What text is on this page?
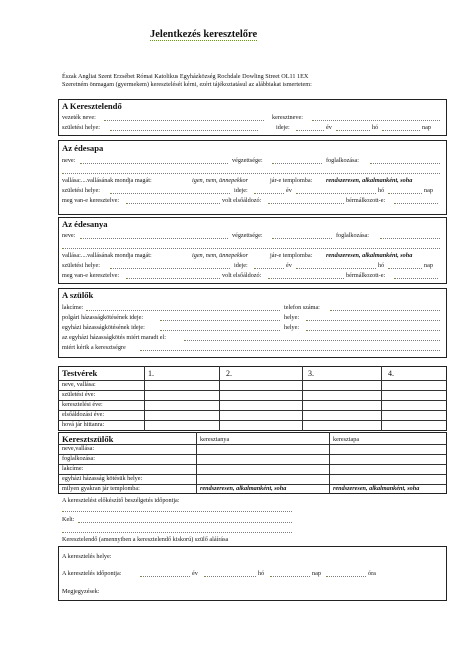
Jelentkezés keresztelőre
Észak Angliai Szent Erzsébet Római Katolikus Egyházközség Rochdale Dowling Street OL11 1EX
Szeretném önmagam (gyermekem) keresztelését kérni, ezért tájékoztatásul az alábbiakat ismertetem:
A Keresztelendő
vezeték neve:	keresztneve:
születési helye:	ideje:	év	hó	nap
Az édesapa
neve:	végzettsége:	foglalkozása:
vallása:....vallásának mondja magát:	igen, nem, ünnepekkor	jár-e templomba: rendszeresen, alkalmanként, soha
születési helye:	ideje:	év	hó	nap
meg van-e keresztelve:	volt elsőáldozó:	bérmálkozott-e:
Az édesanya
neve:	végzettsége:	foglalkozása:
vallása:....vallásának mondja magát:	igen, nem, ünnepekkor	jár-e templomba: rendszeresen, alkalmanként, soha
születési helye:	ideje:	év	hó	nap
meg van-e keresztelve:	volt elsőáldozó:	bérmálkozott-e:
A szülők
lakcíme:	telefon száma:
polgári házasságkötésének ideje:	helye:
egyházi házasságkötésének ideje:	helye:
az egyházi házasságkötés miért maradt el:
miért kérik a keresztségre
Testvérek	1.	2.	3.	4.
neve, vallása:
születési éve:
keresztelési éve:
elsőáldozási éve:
hová jár hittanra:
Keresztszülők	keresztanya	keresztapa
neve,vallása:
foglalkozása:
lakcíme:
egyházi házasság kötésük helye:
milyen gyakran jár templomba:	rendszeresen, alkalmanként, soha	rendszeresen, alkalmanként, soha
A keresztelést előkészítő beszélgetés időpontja:
Kelt:
Keresztelendő (amennyiben a keresztelendő kiskorú) szülő aláírása
A keresztelés helye:
A keresztelés időpontja:	év	hó	nap	óra
Megjegyzések:
